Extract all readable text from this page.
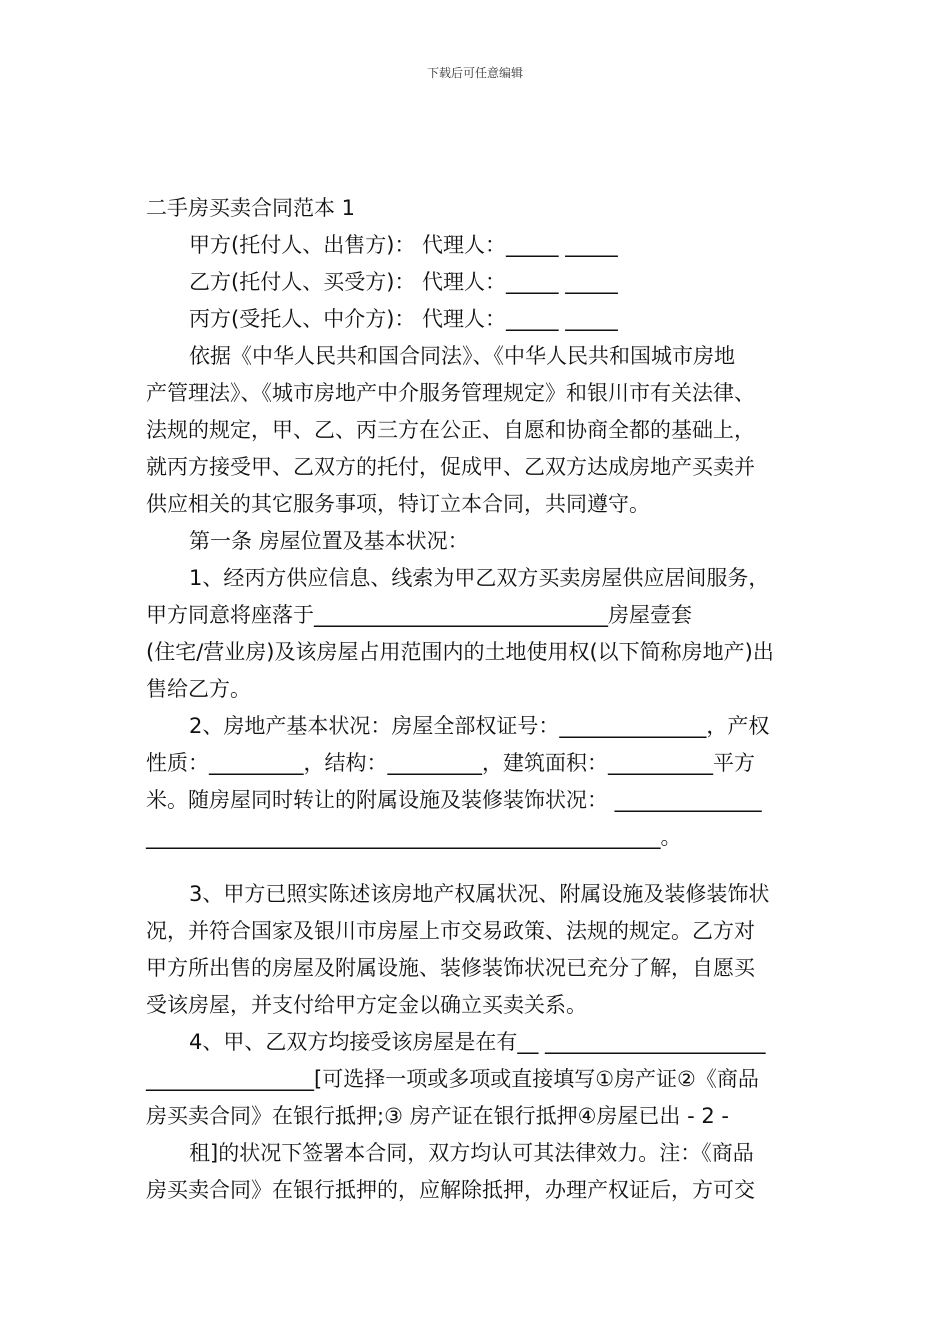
下载后可任意编辑
二手房买卖合同范本 1
甲方(托付人、出售方)： 代理人：_____ _____
乙方(托付人、买受方)： 代理人：_____ _____
丙方(受托人、中介方)： 代理人：_____ _____
依据《中华人民共和国合同法》、《中华人民共和国城市房地
产管理法》、《城市房地产中介服务管理规定》和银川市有关法律、
法规的规定，甲、乙、丙三方在公正、自愿和协商全都的基础上，
就丙方接受甲、乙双方的托付，促成甲、乙双方达成房地产买卖并
供应相关的其它服务事项，特订立本合同，共同遵守。
第一条 房屋位置及基本状况：
1、经丙方供应信息、线索为甲乙双方买卖房屋供应居间服务，
甲方同意将座落于____________________________房屋壹套
(住宅/营业房)及该房屋占用范围内的土地使用权(以下简称房地产)出
售给乙方。
2、房地产基本状况：房屋全部权证号：______________，产权
性质：_________，结构：_________，建筑面积：__________平方
米。随房屋同时转让的附属设施及装修装饰状况： ______________
_________________________________________________。
3、甲方已照实陈述该房地产权属状况、附属设施及装修装饰状
况，并符合国家及银川市房屋上市交易政策、法规的规定。乙方对
甲方所出售的房屋及附属设施、装修装饰状况已充分了解，自愿买
受该房屋，并支付给甲方定金以确立买卖关系。
4、甲、乙双方均接受该房屋是在有__ _____________________
________________[可选择一项或多项或直接填写①房产证②《商品
房买卖合同》在银行抵押;③ 房产证在银行抵押④房屋已出 - 2 -
租]的状况下签署本合同，双方均认可其法律效力。注：《商品
房买卖合同》在银行抵押的，应解除抵押，办理产权证后，方可交
